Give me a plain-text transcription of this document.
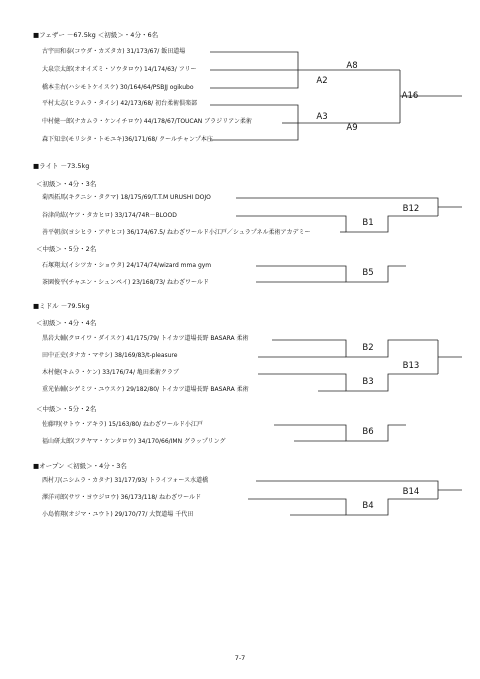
■フェザー －67.5kg ＜初級＞・4分・6名
古宇田和泰(コウダ・カズタカ) 31/173/67/ 飯田道場
大泉宗太郎(オオイズミ・ソウタロウ) 14/174/63/ フリー
橋本圭右(ハシモトケイスケ) 30/164/64/PSBJJ ogikubo
平村太志(ヒラムラ・タイシ) 42/173/68/ 初台柔術倶楽部
中村健一郎(ナカムラ・ケンイチロウ) 44/178/67/TOUCAN ブラジリアン柔術
森下知幸(モリシタ・トモユキ)36/171/68/ クールチャンプ本庄
A2
A3
A8
A9
A16
■ライト －73.5kg
＜初級＞・4分・3名
菊西拓馬(キクニシ・タクマ) 18/175/69/T.T.M URUSHI DOJO
谷津尚紘(ヤツ・タカヒロ) 33/174/74R－BLOOD
善平朝彦(ヨシヒラ・アサヒコ) 36/174/67.5/ ねわざワールド小江戸／シュラプネル柔術アカデミー
B1
B12
＜中級＞・5分・2名
石塚翔太(イシツカ・ショウタ) 24/174/74/wizard mma gym
茶園俊平(チャエン・シュンペイ) 23/168/73/ ねわざワールド
B5
■ミドル －79.5kg
＜初級＞・4分・4名
黒岩大輔(クロイワ・ダイスケ) 41/175/79/ トイカツ道場長野 BASARA 柔術
田中正史(タナカ・マサシ) 38/169/83/t-pleasure
木村健(キムラ・ケン) 33/176/74/ 亀田柔術クラブ
重光佑輔(シゲミツ・ユウスケ) 29/182/80/ トイカツ道場長野 BASARA 柔術
B2
B3
B13
＜中級＞・5分・2名
佐藤明(サトウ・アキラ) 15/163/80/ ねわざワールド小江戸
福山研太郎(フクヤマ・ケンタロウ) 34/170/66/IMN グラップリング
B6
■オープン ＜初級＞・4分・3名
西村刀(ニシムラ・カタナ) 31/177/93/ トライフォース水道橋
澤洋司郎(サワ・ヨウジロウ) 36/173/118/ ねわざワールド
小島侑翔(オジマ・ユウト) 29/170/77/ 大賀道場 千代田
B4
B14
7-7
